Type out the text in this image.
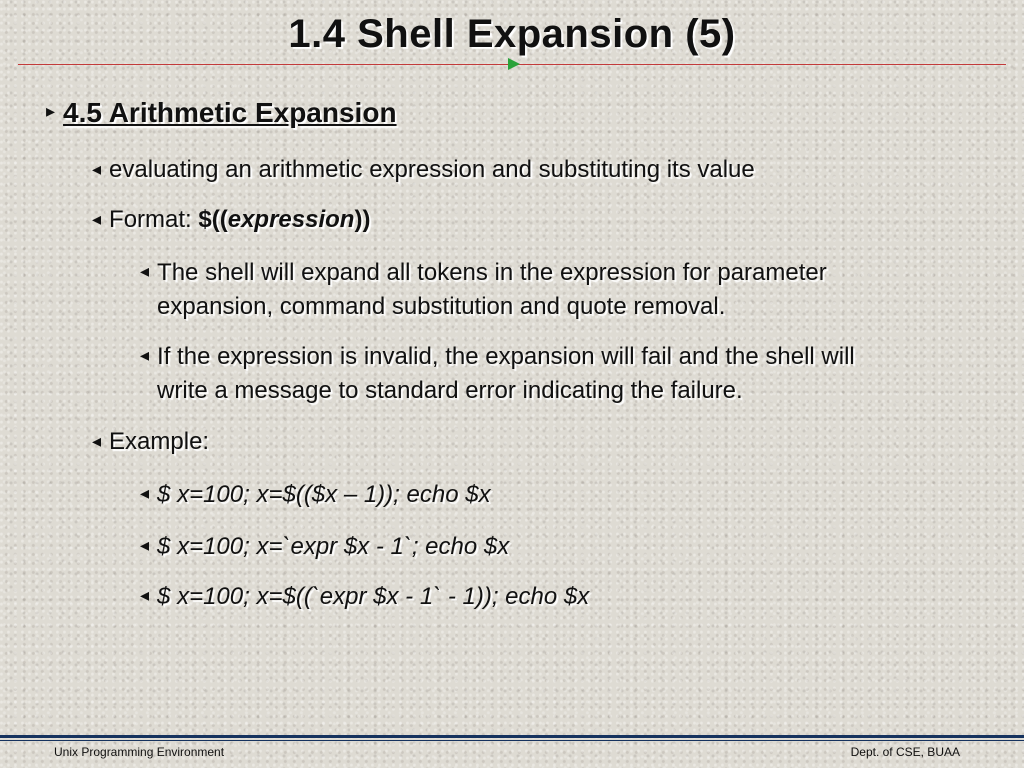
1.4 Shell Expansion (5)
▸ 4.5 Arithmetic Expansion
◂ evaluating an arithmetic expression and substituting its value
◂ Format: $((expression))
◂ The shell will expand all tokens in the expression for parameter
expansion, command substitution and quote removal.
◂ If the expression is invalid, the expansion will fail and the shell will
write a message to standard error indicating the failure.
◂ Example:
◂ $ x=100; x=$(($x – 1)); echo $x
◂ $ x=100; x=`expr $x - 1`; echo $x
◂ $ x=100; x=$((`expr $x - 1` - 1)); echo $x
Unix Programming Environment	Dept. of CSE, BUAA
